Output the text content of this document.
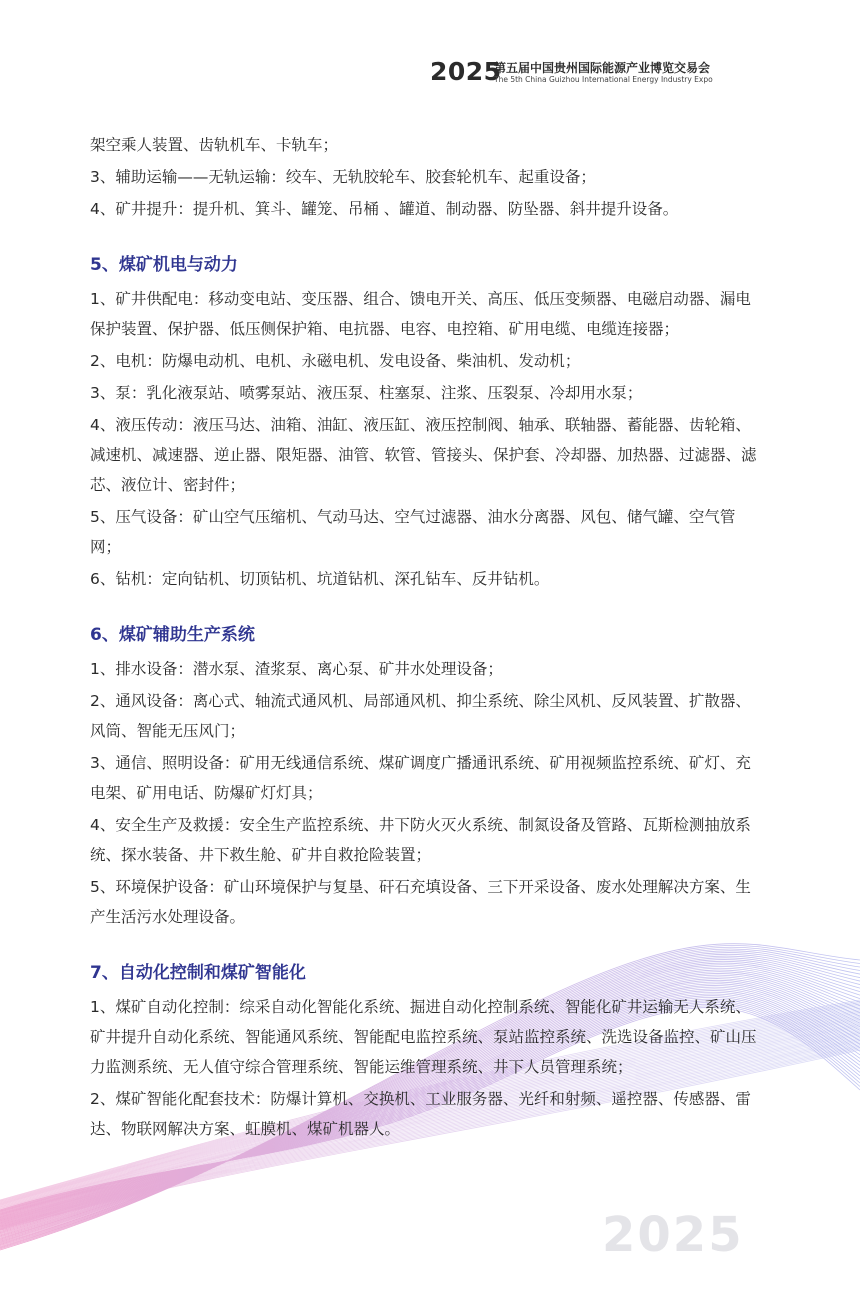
2025
第五届中国贵州国际能源产业博览交易会
The 5th China Guizhou International Energy Industry Expo

架空乘人装置、齿轨机车、卡轨车；

3、辅助运输——无轨运输：绞车、无轨胶轮车、胶套轮机车、起重设备；

4、矿井提升：提升机、箕斗、罐笼、吊桶 、罐道、制动器、防坠器、斜井提升设备。

5、煤矿机电与动力

1、矿井供配电：移动变电站、变压器、组合、馈电开关、高压、低压变频器、电磁启动器、漏电保护装置、保护器、低压侧保护箱、电抗器、电容、电控箱、矿用电缆、电缆连接器；

2、电机：防爆电动机、电机、永磁电机、发电设备、柴油机、发动机；

3、泵：乳化液泵站、喷雾泵站、液压泵、柱塞泵、注浆、压裂泵、冷却用水泵；

4、液压传动：液压马达、油箱、油缸、液压缸、液压控制阀、轴承、联轴器、蓄能器、齿轮箱、减速机、减速器、逆止器、限矩器、油管、软管、管接头、保护套、冷却器、加热器、过滤器、滤芯、液位计、密封件；

5、压气设备：矿山空气压缩机、气动马达、空气过滤器、油水分离器、风包、储气罐、空气管网；

6、钻机：定向钻机、切顶钻机、坑道钻机、深孔钻车、反井钻机。

6、煤矿辅助生产系统

1、排水设备：潜水泵、渣浆泵、离心泵、矿井水处理设备；

2、通风设备：离心式、轴流式通风机、局部通风机、抑尘系统、除尘风机、反风装置、扩散器、风筒、智能无压风门；

3、通信、照明设备：矿用无线通信系统、煤矿调度广播通讯系统、矿用视频监控系统、矿灯、充电架、矿用电话、防爆矿灯灯具；

4、安全生产及救援：安全生产监控系统、井下防火灭火系统、制氮设备及管路、瓦斯检测抽放系统、探水装备、井下救生舱、矿井自救抢险装置；

5、环境保护设备：矿山环境保护与复垦、矸石充填设备、三下开采设备、废水处理解决方案、生产生活污水处理设备。

7、自动化控制和煤矿智能化

1、煤矿自动化控制：综采自动化智能化系统、掘进自动化控制系统、智能化矿井运输无人系统、矿井提升自动化系统、智能通风系统、智能配电监控系统、泵站监控系统、洗选设备监控、矿山压力监测系统、无人值守综合管理系统、智能运维管理系统、井下人员管理系统；

2、煤矿智能化配套技术：防爆计算机、交换机、工业服务器、光纤和射频、遥控器、传感器、雷达、物联网解决方案、虹膜机、煤矿机器人。

2025
